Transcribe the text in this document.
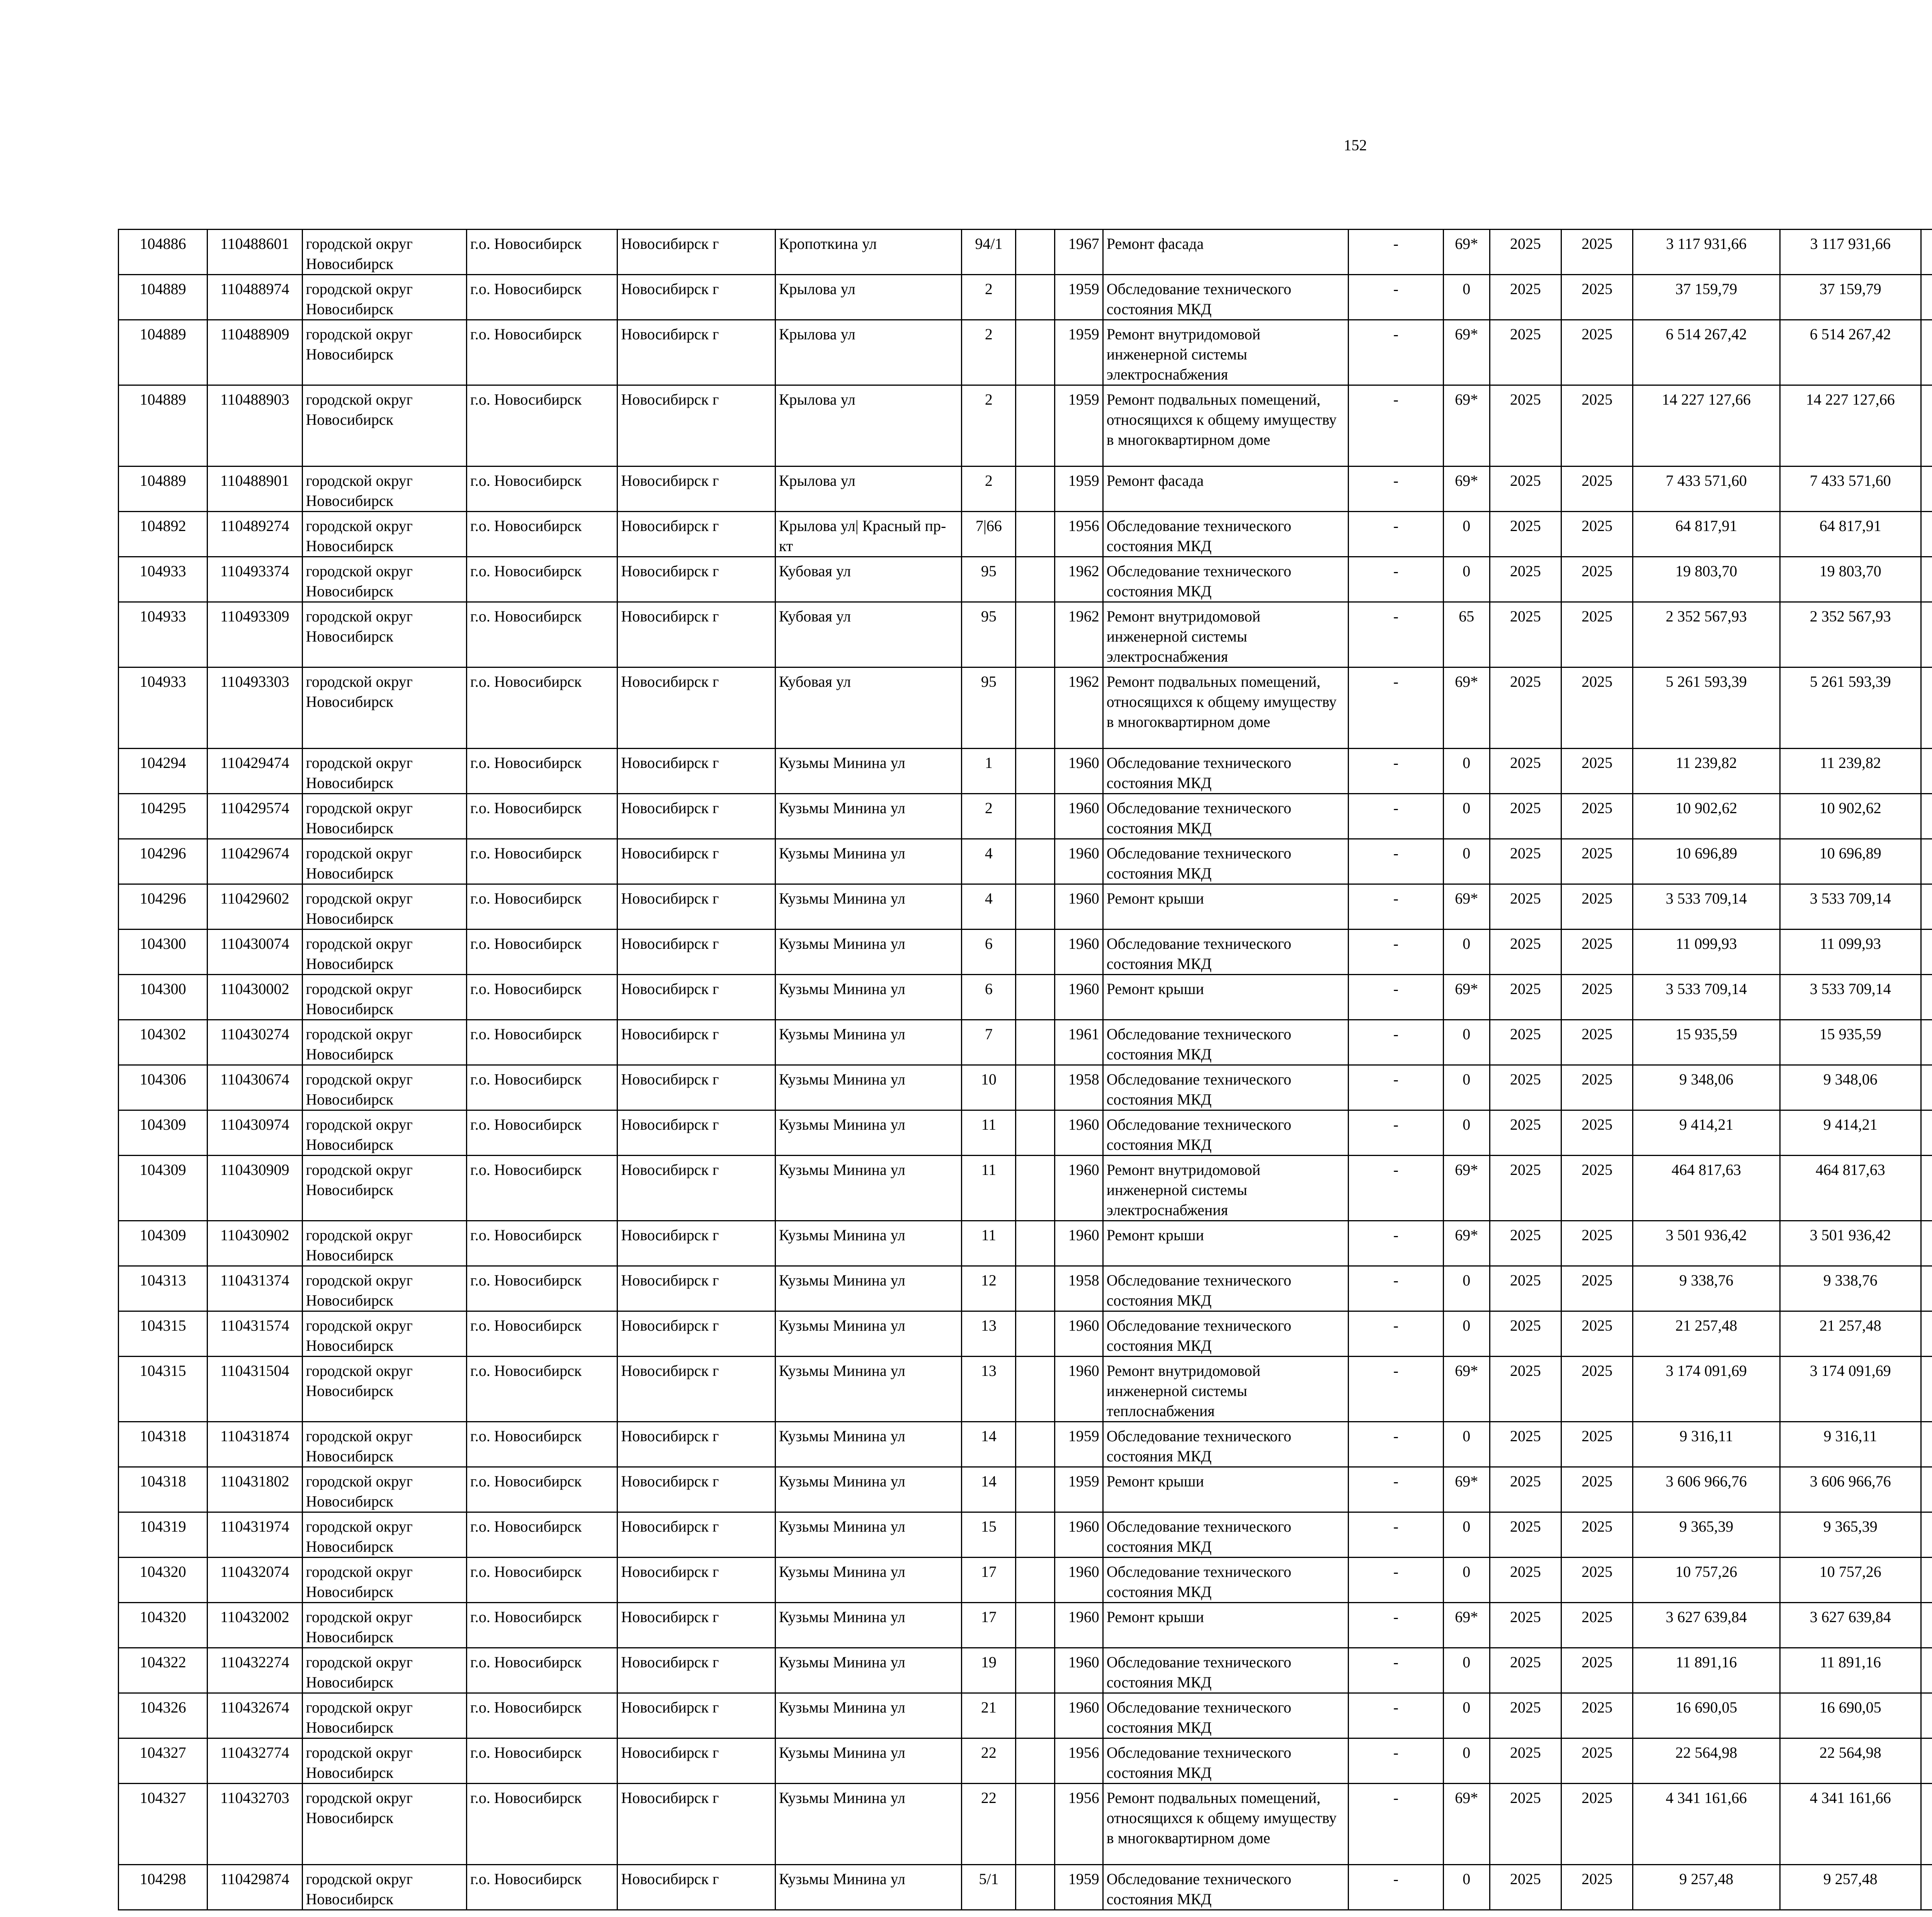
152
104886	110488601	городской округ Новосибирск	г.о. Новосибирск	Новосибирск г	Кропоткина ул	94/1		1967	Ремонт фасада	-	69*	2025	2025	3 117 931,66	3 117 931,66						
104889	110488974	городской округ Новосибирск	г.о. Новосибирск	Новосибирск г	Крылова ул	2		1959	Обследование технического состояния МКД	-	0	2025	2025	37 159,79	37 159,79						
104889	110488909	городской округ Новосибирск	г.о. Новосибирск	Новосибирск г	Крылова ул	2		1959	Ремонт внутридомовой инженерной системы электроснабжения	-	69*	2025	2025	6 514 267,42	6 514 267,42						
104889	110488903	городской округ Новосибирск	г.о. Новосибирск	Новосибирск г	Крылова ул	2		1959	Ремонт подвальных помещений, относящихся к общему имуществу в многоквартирном доме	-	69*	2025	2025	14 227 127,66	14 227 127,66						
104889	110488901	городской округ Новосибирск	г.о. Новосибирск	Новосибирск г	Крылова ул	2		1959	Ремонт фасада	-	69*	2025	2025	7 433 571,60	7 433 571,60						
104892	110489274	городской округ Новосибирск	г.о. Новосибирск	Новосибирск г	Крылова ул| Красный пр-кт	7|66		1956	Обследование технического состояния МКД	-	0	2025	2025	64 817,91	64 817,91						
104933	110493374	городской округ Новосибирск	г.о. Новосибирск	Новосибирск г	Кубовая ул	95		1962	Обследование технического состояния МКД	-	0	2025	2025	19 803,70	19 803,70						
104933	110493309	городской округ Новосибирск	г.о. Новосибирск	Новосибирск г	Кубовая ул	95		1962	Ремонт внутридомовой инженерной системы электроснабжения	-	65	2025	2025	2 352 567,93	2 352 567,93						
104933	110493303	городской округ Новосибирск	г.о. Новосибирск	Новосибирск г	Кубовая ул	95		1962	Ремонт подвальных помещений, относящихся к общему имуществу в многоквартирном доме	-	69*	2025	2025	5 261 593,39	5 261 593,39						
104294	110429474	городской округ Новосибирск	г.о. Новосибирск	Новосибирск г	Кузьмы Минина ул	1		1960	Обследование технического состояния МКД	-	0	2025	2025	11 239,82	11 239,82						
104295	110429574	городской округ Новосибирск	г.о. Новосибирск	Новосибирск г	Кузьмы Минина ул	2		1960	Обследование технического состояния МКД	-	0	2025	2025	10 902,62	10 902,62						
104296	110429674	городской округ Новосибирск	г.о. Новосибирск	Новосибирск г	Кузьмы Минина ул	4		1960	Обследование технического состояния МКД	-	0	2025	2025	10 696,89	10 696,89						
104296	110429602	городской округ Новосибирск	г.о. Новосибирск	Новосибирск г	Кузьмы Минина ул	4		1960	Ремонт крыши	-	69*	2025	2025	3 533 709,14	3 533 709,14						
104300	110430074	городской округ Новосибирск	г.о. Новосибирск	Новосибирск г	Кузьмы Минина ул	6		1960	Обследование технического состояния МКД	-	0	2025	2025	11 099,93	11 099,93						
104300	110430002	городской округ Новосибирск	г.о. Новосибирск	Новосибирск г	Кузьмы Минина ул	6		1960	Ремонт крыши	-	69*	2025	2025	3 533 709,14	3 533 709,14						
104302	110430274	городской округ Новосибирск	г.о. Новосибирск	Новосибирск г	Кузьмы Минина ул	7		1961	Обследование технического состояния МКД	-	0	2025	2025	15 935,59	15 935,59						
104306	110430674	городской округ Новосибирск	г.о. Новосибирск	Новосибирск г	Кузьмы Минина ул	10		1958	Обследование технического состояния МКД	-	0	2025	2025	9 348,06	9 348,06						
104309	110430974	городской округ Новосибирск	г.о. Новосибирск	Новосибирск г	Кузьмы Минина ул	11		1960	Обследование технического состояния МКД	-	0	2025	2025	9 414,21	9 414,21						
104309	110430909	городской округ Новосибирск	г.о. Новосибирск	Новосибирск г	Кузьмы Минина ул	11		1960	Ремонт внутридомовой инженерной системы электроснабжения	-	69*	2025	2025	464 817,63	464 817,63						
104309	110430902	городской округ Новосибирск	г.о. Новосибирск	Новосибирск г	Кузьмы Минина ул	11		1960	Ремонт крыши	-	69*	2025	2025	3 501 936,42	3 501 936,42						
104313	110431374	городской округ Новосибирск	г.о. Новосибирск	Новосибирск г	Кузьмы Минина ул	12		1958	Обследование технического состояния МКД	-	0	2025	2025	9 338,76	9 338,76						
104315	110431574	городской округ Новосибирск	г.о. Новосибирск	Новосибирск г	Кузьмы Минина ул	13		1960	Обследование технического состояния МКД	-	0	2025	2025	21 257,48	21 257,48						
104315	110431504	городской округ Новосибирск	г.о. Новосибирск	Новосибирск г	Кузьмы Минина ул	13		1960	Ремонт внутридомовой инженерной системы теплоснабжения	-	69*	2025	2025	3 174 091,69	3 174 091,69						
104318	110431874	городской округ Новосибирск	г.о. Новосибирск	Новосибирск г	Кузьмы Минина ул	14		1959	Обследование технического состояния МКД	-	0	2025	2025	9 316,11	9 316,11						
104318	110431802	городской округ Новосибирск	г.о. Новосибирск	Новосибирск г	Кузьмы Минина ул	14		1959	Ремонт крыши	-	69*	2025	2025	3 606 966,76	3 606 966,76						
104319	110431974	городской округ Новосибирск	г.о. Новосибирск	Новосибирск г	Кузьмы Минина ул	15		1960	Обследование технического состояния МКД	-	0	2025	2025	9 365,39	9 365,39						
104320	110432074	городской округ Новосибирск	г.о. Новосибирск	Новосибирск г	Кузьмы Минина ул	17		1960	Обследование технического состояния МКД	-	0	2025	2025	10 757,26	10 757,26						
104320	110432002	городской округ Новосибирск	г.о. Новосибирск	Новосибирск г	Кузьмы Минина ул	17		1960	Ремонт крыши	-	69*	2025	2025	3 627 639,84	3 627 639,84						
104322	110432274	городской округ Новосибирск	г.о. Новосибирск	Новосибирск г	Кузьмы Минина ул	19		1960	Обследование технического состояния МКД	-	0	2025	2025	11 891,16	11 891,16						
104326	110432674	городской округ Новосибирск	г.о. Новосибирск	Новосибирск г	Кузьмы Минина ул	21		1960	Обследование технического состояния МКД	-	0	2025	2025	16 690,05	16 690,05						
104327	110432774	городской округ Новосибирск	г.о. Новосибирск	Новосибирск г	Кузьмы Минина ул	22		1956	Обследование технического состояния МКД	-	0	2025	2025	22 564,98	22 564,98						
104327	110432703	городской округ Новосибирск	г.о. Новосибирск	Новосибирск г	Кузьмы Минина ул	22		1956	Ремонт подвальных помещений, относящихся к общему имуществу в многоквартирном доме	-	69*	2025	2025	4 341 161,66	4 341 161,66						
104298	110429874	городской округ Новосибирск	г.о. Новосибирск	Новосибирск г	Кузьмы Минина ул	5/1		1959	Обследование технического состояния МКД	-	0	2025	2025	9 257,48	9 257,48						
